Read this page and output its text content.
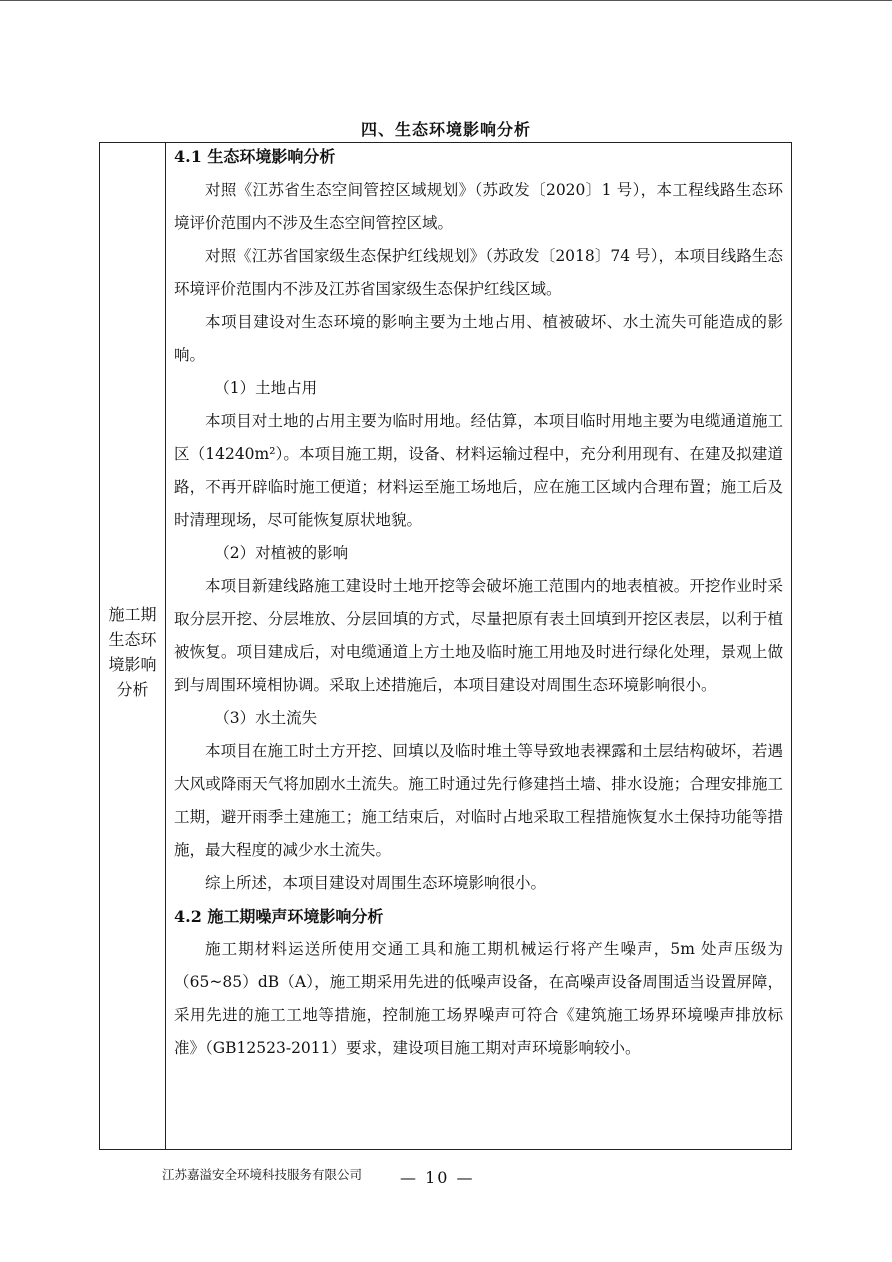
四、生态环境影响分析
施工期生态环境影响分析

4.1 生态环境影响分析

对照《江苏省生态空间管控区域规划》（苏政发〔2020〕1 号），本工程线路生态环境评价范围内不涉及生态空间管控区域。

对照《江苏省国家级生态保护红线规划》（苏政发〔2018〕74 号），本项目线路生态环境评价范围内不涉及江苏省国家级生态保护红线区域。

本项目建设对生态环境的影响主要为土地占用、植被破坏、水土流失可能造成的影响。

（1）土地占用

本项目对土地的占用主要为临时用地。经估算，本项目临时用地主要为电缆通道施工区（14240m²）。本项目施工期，设备、材料运输过程中，充分利用现有、在建及拟建道路，不再开辟临时施工便道；材料运至施工场地后，应在施工区域内合理布置；施工后及时清理现场，尽可能恢复原状地貌。

（2）对植被的影响

本项目新建线路施工建设时土地开挖等会破坏施工范围内的地表植被。开挖作业时采取分层开挖、分层堆放、分层回填的方式，尽量把原有表土回填到开挖区表层，以利于植被恢复。项目建成后，对电缆通道上方土地及临时施工用地及时进行绿化处理，景观上做到与周围环境相协调。采取上述措施后，本项目建设对周围生态环境影响很小。

（3）水土流失

本项目在施工时土方开挖、回填以及临时堆土等导致地表裸露和土层结构破坏，若遇大风或降雨天气将加剧水土流失。施工时通过先行修建挡土墙、排水设施；合理安排施工工期，避开雨季土建施工；施工结束后，对临时占地采取工程措施恢复水土保持功能等措施，最大程度的减少水土流失。

综上所述，本项目建设对周围生态环境影响很小。

4.2 施工期噪声环境影响分析

施工期材料运送所使用交通工具和施工期机械运行将产生噪声，5m 处声压级为（65~85）dB（A），施工期采用先进的低噪声设备，在高噪声设备周围适当设置屏障，采用先进的施工工地等措施，控制施工场界噪声可符合《建筑施工场界环境噪声排放标准》（GB12523-2011）要求，建设项目施工期对声环境影响较小。

江苏嘉溢安全环境科技服务有限公司 — 10 —
